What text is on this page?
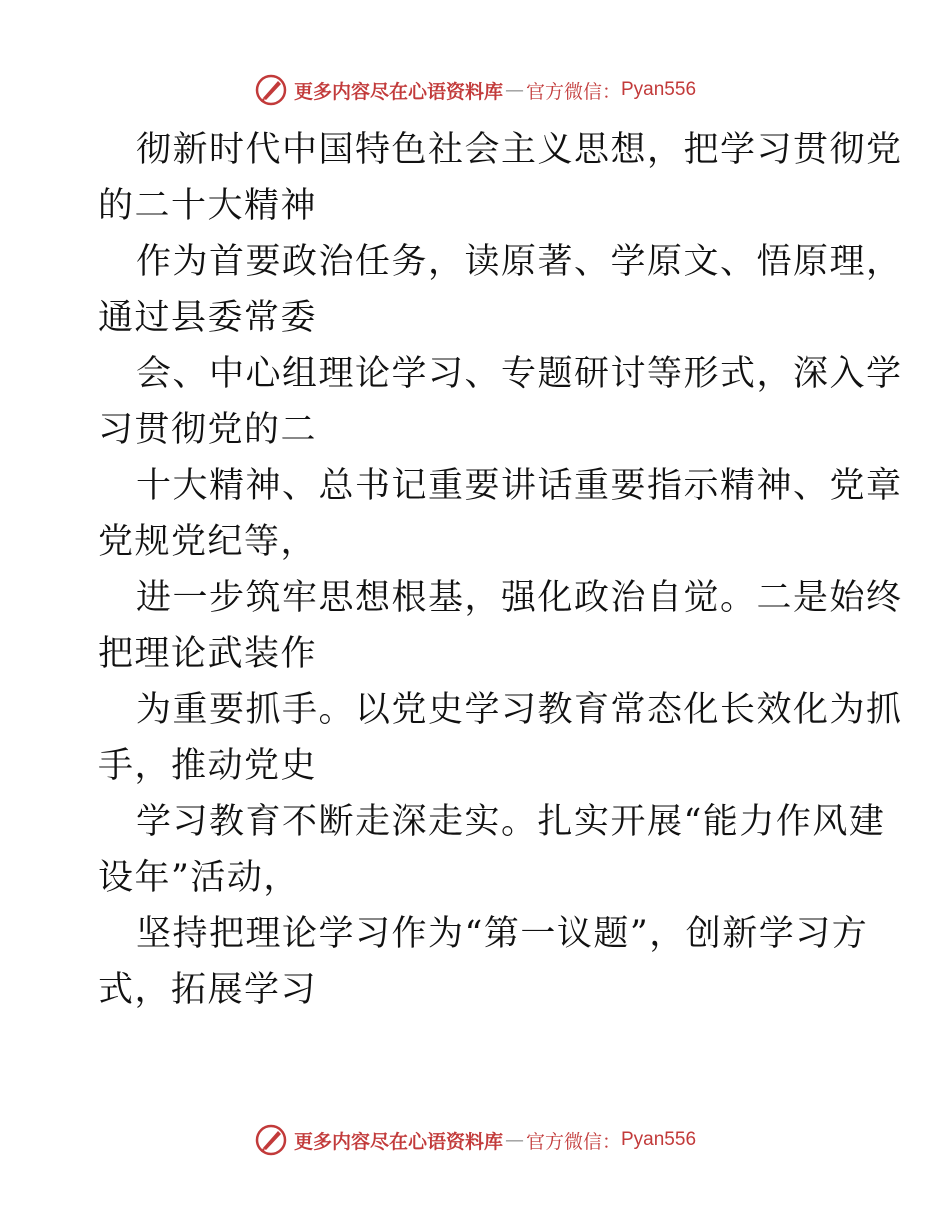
更多内容尽在心语资料库 — 官方微信： Pyan556
彻新时代中国特色社会主义思想，把学习贯彻党
的二十大精神
作为首要政治任务，读原著、学原文、悟原理，
通过县委常委
会、中心组理论学习、专题研讨等形式，深入学
习贯彻党的二
十大精神、总书记重要讲话重要指示精神、党章
党规党纪等，
进一步筑牢思想根基，强化政治自觉。二是始终
把理论武装作
为重要抓手。以党史学习教育常态化长效化为抓
手，推动党史
学习教育不断走深走实。扎实开展“能力作风建
设年”活动，
坚持把理论学习作为“第一议题”，创新学习方
式，拓展学习
更多内容尽在心语资料库 — 官方微信： Pyan556
